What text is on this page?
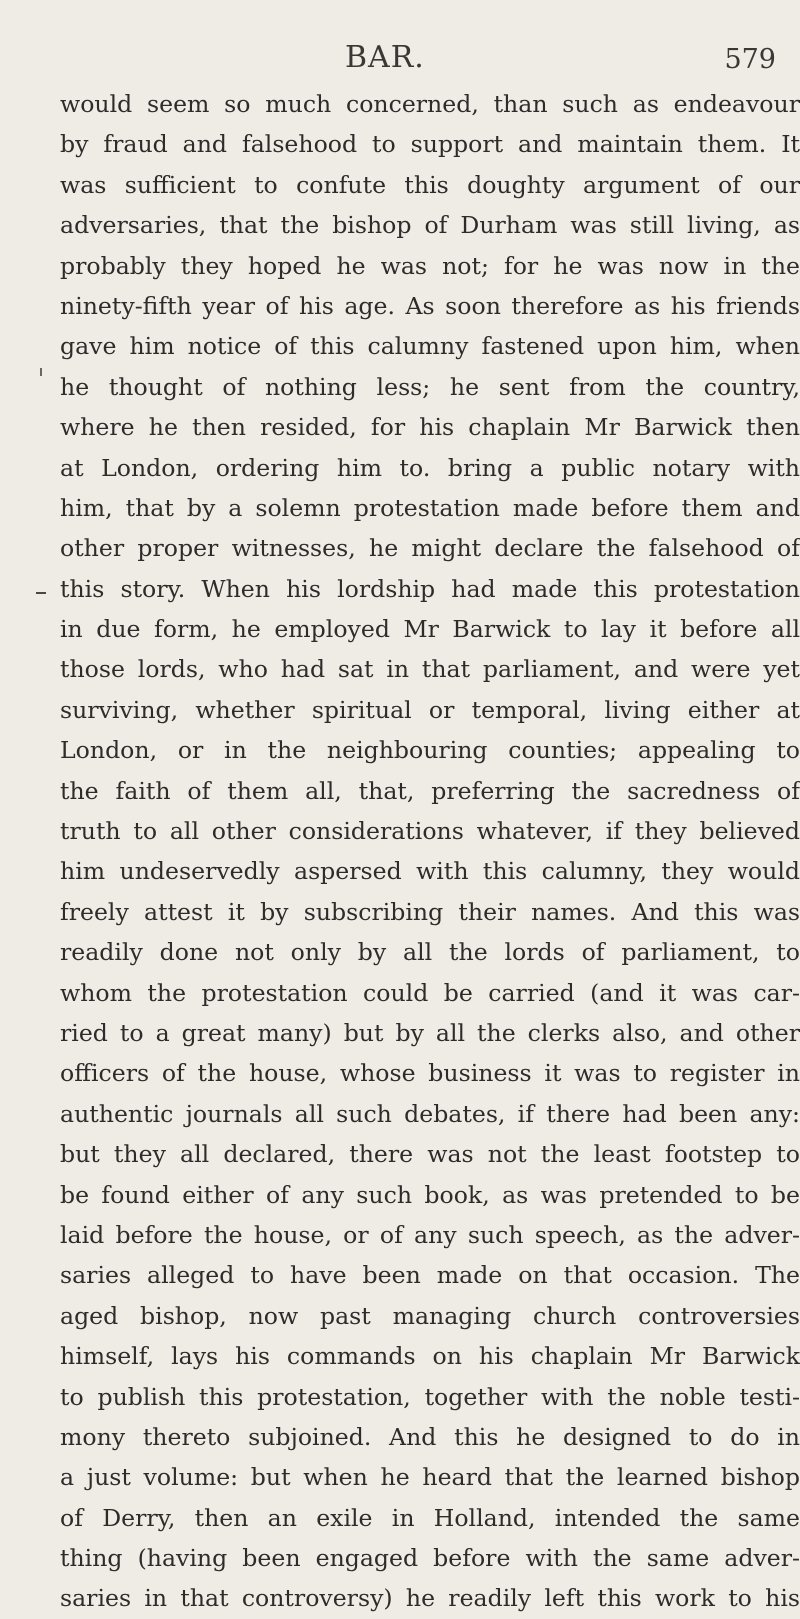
BAR.	579
would seem so much concerned, than such as endeavour
by fraud and falsehood to support and maintain them. It
was sufficient to confute this doughty argument of our
adversaries, that the bishop of Durham was still living, as
probably they hoped he was not; for he was now in the
ninety-fifth year of his age. As soon therefore as his friends
gave him notice of this calumny fastened upon him, when
he thought of nothing less; he sent from the country,
where he then resided, for his chaplain Mr Barwick then
at London, ordering him to. bring a public notary with
him, that by a solemn protestation made before them and
other proper witnesses, he might declare the falsehood of
this story. When his lordship had made this protestation
in due form, he employed Mr Barwick to lay it before all
those lords, who had sat in that parliament, and were yet
surviving, whether spiritual or temporal, living either at
London, or in the neighbouring counties; appealing to
the faith of them all, that, preferring the sacredness of
truth to all other considerations whatever, if they believed
him undeservedly aspersed with this calumny, they would
freely attest it by subscribing their names. And this was
readily done not only by all the lords of parliament, to
whom the protestation could be carried (and it was car-
ried to a great many) but by all the clerks also, and other
officers of the house, whose business it was to register in
authentic journals all such debates, if there had been any:
but they all declared, there was not the least footstep to
be found either of any such book, as was pretended to be
laid before the house, or of any such speech, as the adver-
saries alleged to have been made on that occasion. The
aged bishop, now past managing church controversies
himself, lays his commands on his chaplain Mr Barwick
to publish this protestation, together with the noble testi-
mony thereto subjoined. And this he designed to do in
a just volume: but when he heard that the learned bishop
of Derry, then an exile in Holland, intended the same
thing (having been engaged before with the same adver-
saries in that controversy) he readily left this work to his
